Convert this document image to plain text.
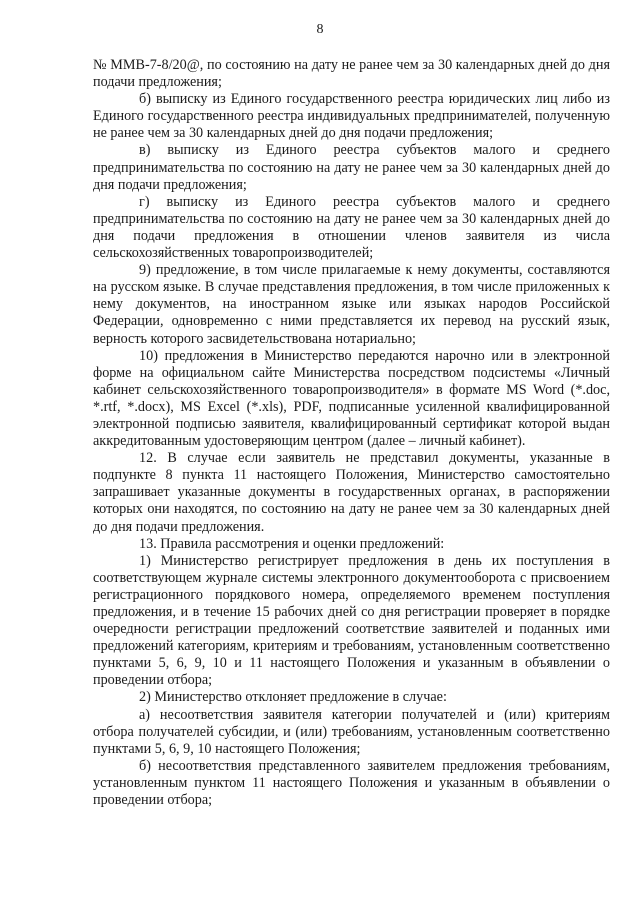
8

№ ММВ-7-8/20@, по состоянию на дату не ранее чем за 30 календарных дней до дня подачи предложения;

б) выписку из Единого государственного реестра юридических лиц либо из Единого государственного реестра индивидуальных предпринимателей, полученную не ранее чем за 30 календарных дней до дня подачи предложения;

в) выписку из Единого реестра субъектов малого и среднего предпринимательства по состоянию на дату не ранее чем за 30 календарных дней до дня подачи предложения;

г) выписку из Единого реестра субъектов малого и среднего предпринимательства по состоянию на дату не ранее чем за 30 календарных дней до дня подачи предложения в отношении членов заявителя из числа сельскохозяйственных товаропроизводителей;

9) предложение, в том числе прилагаемые к нему документы, составляются на русском языке. В случае представления предложения, в том числе приложенных к нему документов, на иностранном языке или языках народов Российской Федерации, одновременно с ними представляется их перевод на русский язык, верность которого засвидетельствована нотариально;

10) предложения в Министерство передаются нарочно или в электронной форме на официальном сайте Министерства посредством подсистемы «Личный кабинет сельскохозяйственного товаропроизводителя» в формате MS Word (*.doc, *.rtf, *.docx), MS Excel (*.xls), PDF, подписанные усиленной квалифицированной электронной подписью заявителя, квалифицированный сертификат которой выдан аккредитованным удостоверяющим центром (далее – личный кабинет).

12. В случае если заявитель не представил документы, указанные в подпункте 8 пункта 11 настоящего Положения, Министерство самостоятельно запрашивает указанные документы в государственных органах, в распоряжении которых они находятся, по состоянию на дату не ранее чем за 30 календарных дней до дня подачи предложения.

13. Правила рассмотрения и оценки предложений:

1) Министерство регистрирует предложения в день их поступления в соответствующем журнале системы электронного документооборота с присвоением регистрационного порядкового номера, определяемого временем поступления предложения, и в течение 15 рабочих дней со дня регистрации проверяет в порядке очередности регистрации предложений соответствие заявителей и поданных ими предложений категориям, критериям и требованиям, установленным соответственно пунктами 5, 6, 9, 10 и 11 настоящего Положения и указанным в объявлении о проведении отбора;

2) Министерство отклоняет предложение в случае:

а) несоответствия заявителя категории получателей и (или) критериям отбора получателей субсидии, и (или) требованиям, установленным соответственно пунктами 5, 6, 9, 10 настоящего Положения;

б) несоответствия представленного заявителем предложения требованиям, установленным пунктом 11 настоящего Положения и указанным в объявлении о проведении отбора;
